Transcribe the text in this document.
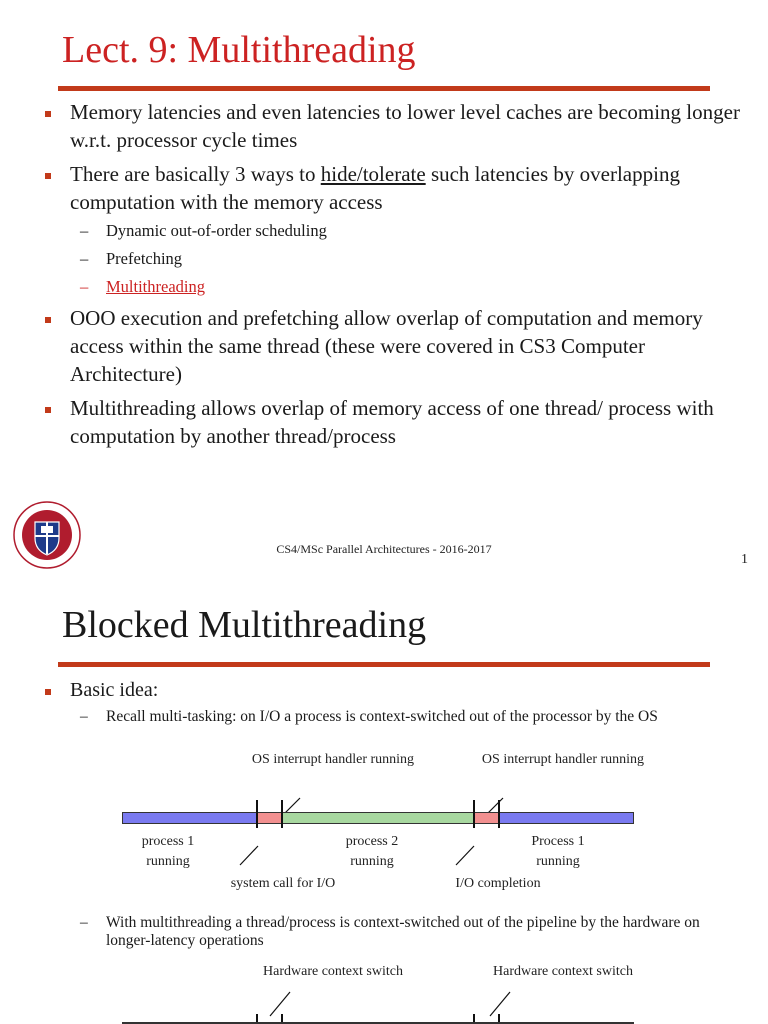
Lect. 9: Multithreading
Memory latencies and even latencies to lower level caches are becoming longer w.r.t. processor cycle times
There are basically 3 ways to hide/tolerate such latencies by overlapping computation with the memory access
– Dynamic out-of-order scheduling
– Prefetching
– Multithreading
OOO execution and prefetching allow overlap of computation and memory access within the same thread (these were covered in CS3 Computer Architecture)
Multithreading allows overlap of memory access of one thread/ process with computation by another thread/process
CS4/MSc Parallel Architectures - 2016-2017
1
Blocked Multithreading
Basic idea:
– Recall multi-tasking: on I/O a process is context-switched out of the processor by the OS
OS interrupt handler running	OS interrupt handler running
process 1 running
process 2 running
Process 1 running
system call for I/O	I/O completion
– With multithreading a thread/process is context-switched out of the pipeline by the hardware on longer-latency operations
Hardware context switch	Hardware context switch
